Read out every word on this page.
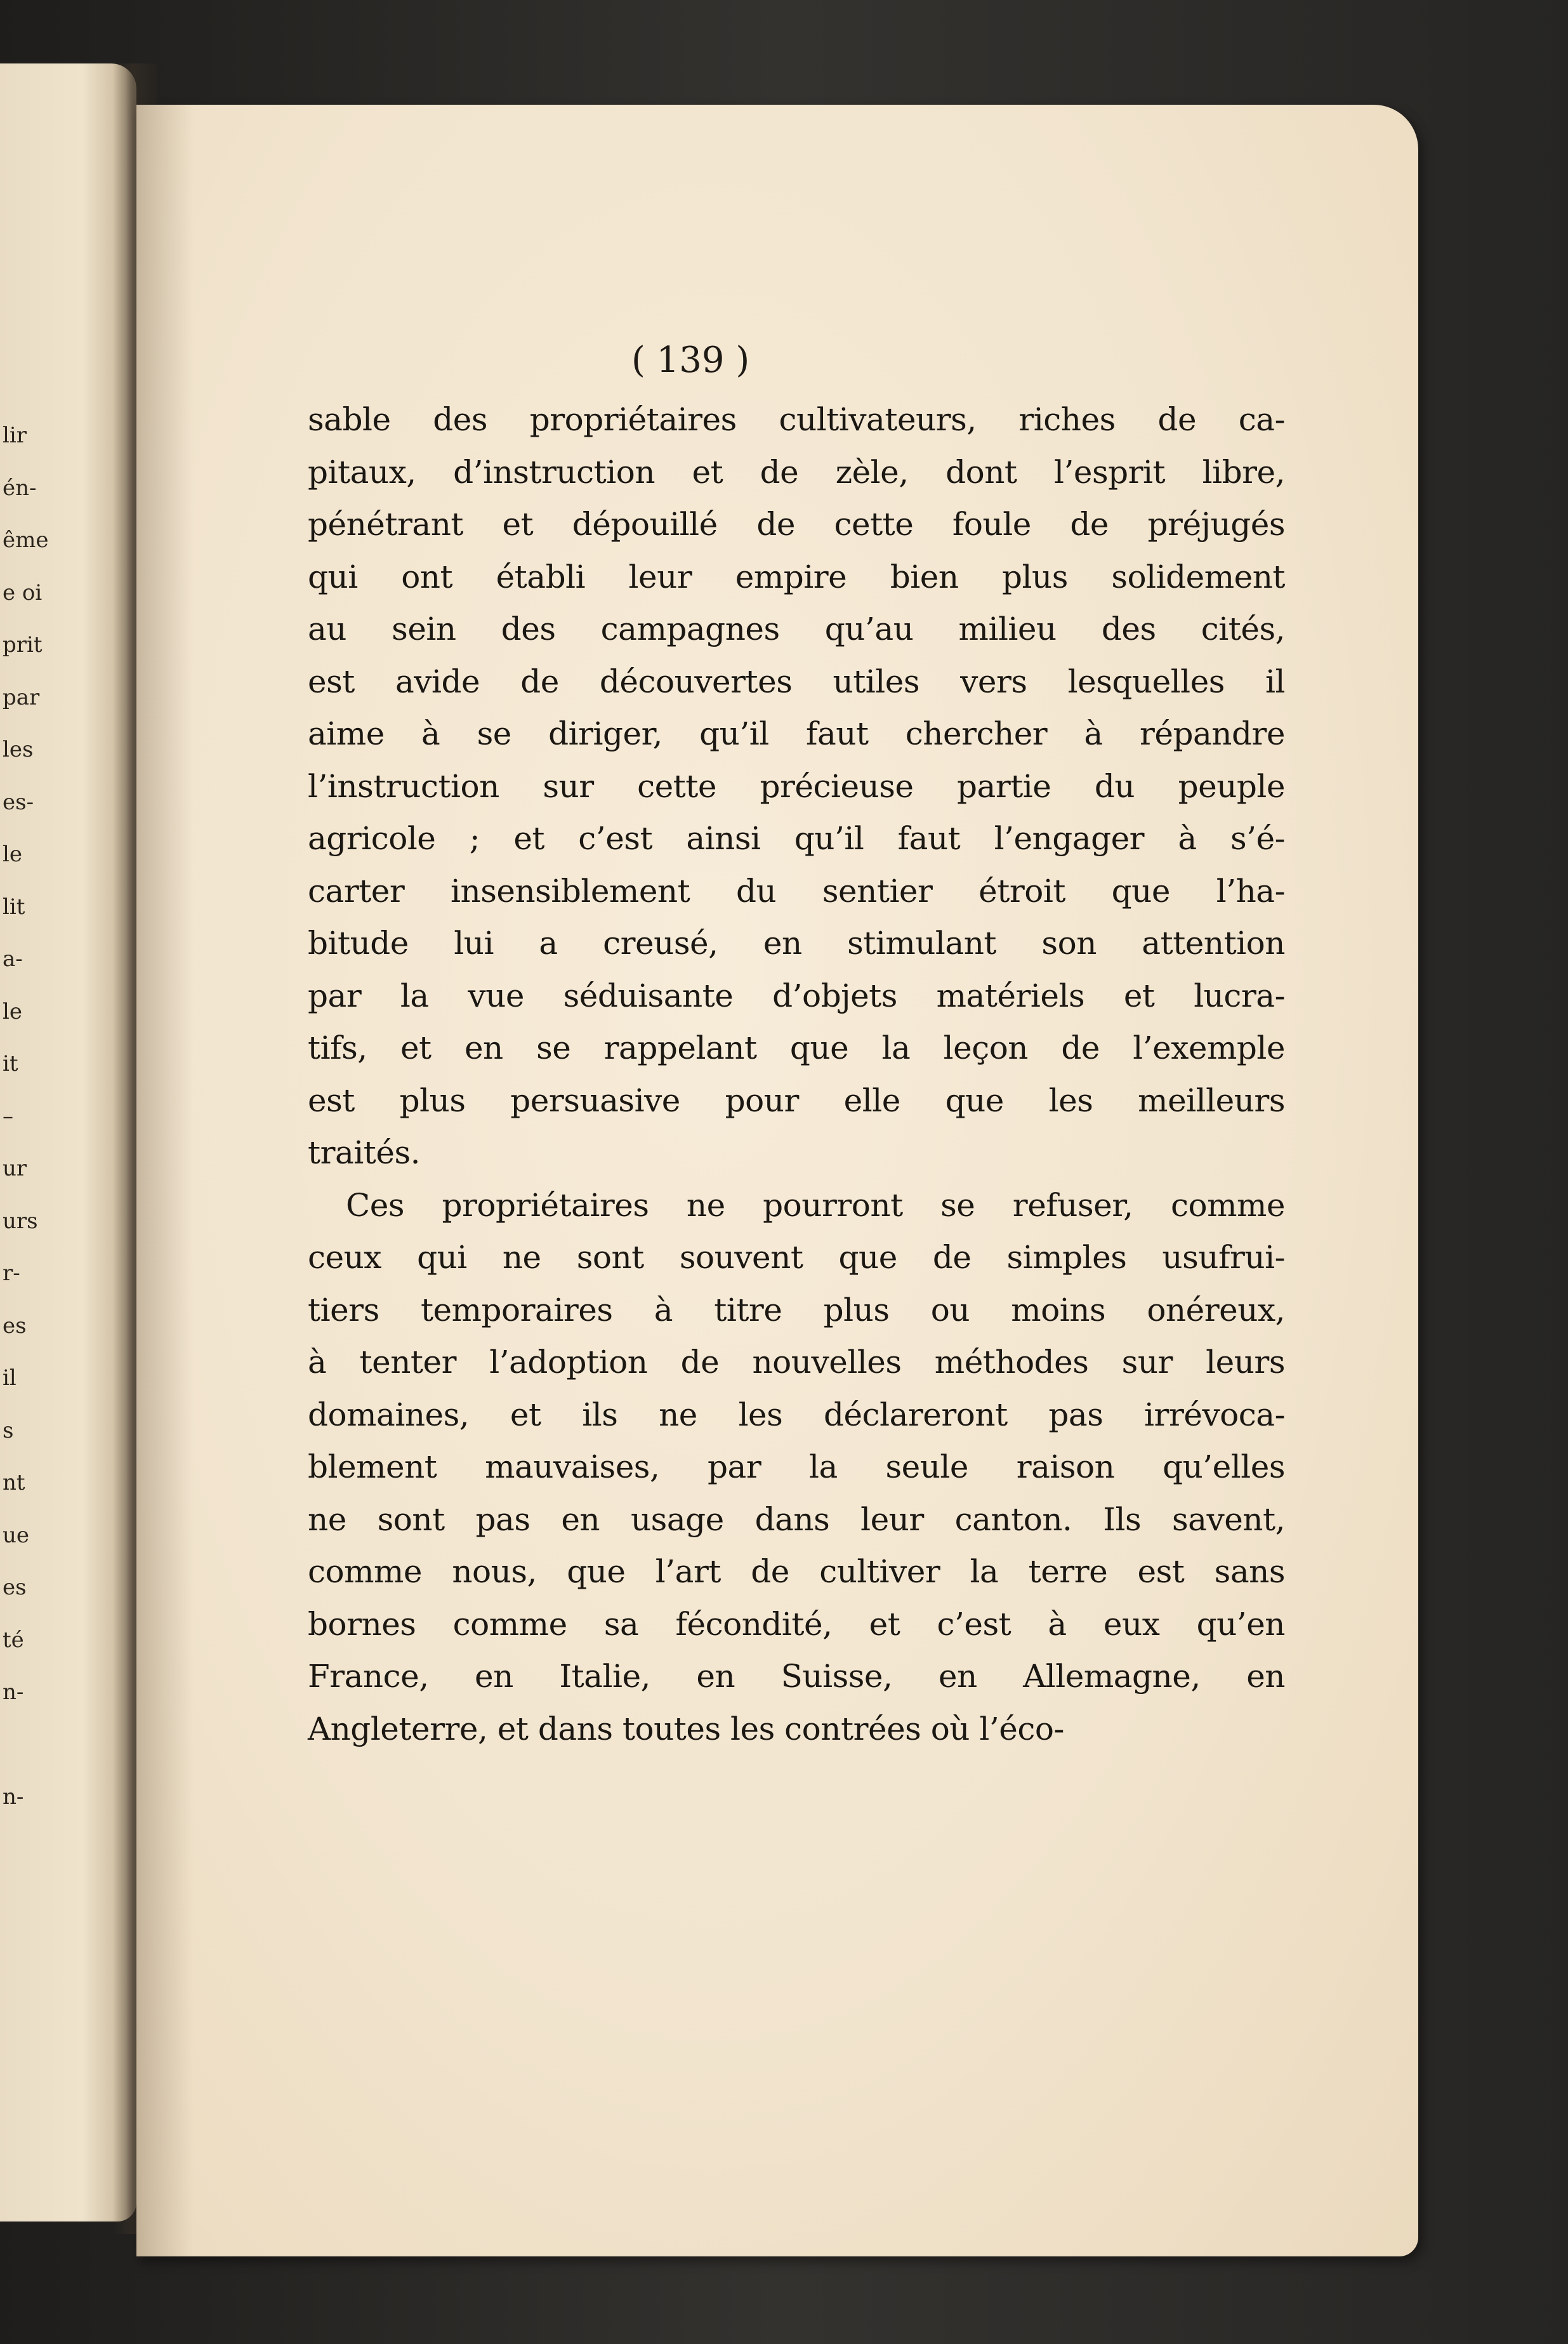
lir
én-
ême
e oi
prit
par
les
es-
le
lit
a-
le
it
–
ur
urs
r-
es
il
s
nt
ue
es
té
n-
n-

( 139 )

sable des propriétaires cultivateurs, riches de ca-
pitaux, d’instruction et de zèle, dont l’esprit libre,
pénétrant et dépouillé de cette foule de préjugés
qui ont établi leur empire bien plus solidement
au sein des campagnes qu’au milieu des cités,
est avide de découvertes utiles vers lesquelles il
aime à se diriger, qu’il faut chercher à répandre
l’instruction sur cette précieuse partie du peuple
agricole ; et c’est ainsi qu’il faut l’engager à s’é-
carter insensiblement du sentier étroit que l’ha-
bitude lui a creusé, en stimulant son attention
par la vue séduisante d’objets matériels et lucra-
tifs, et en se rappelant que la leçon de l’exemple
est plus persuasive pour elle que les meilleurs
traités.
Ces propriétaires ne pourront se refuser, comme
ceux qui ne sont souvent que de simples usufrui-
tiers temporaires à titre plus ou moins onéreux,
à tenter l’adoption de nouvelles méthodes sur leurs
domaines, et ils ne les déclareront pas irrévoca-
blement mauvaises, par la seule raison qu’elles
ne sont pas en usage dans leur canton. Ils savent,
comme nous, que l’art de cultiver la terre est sans
bornes comme sa fécondité, et c’est à eux qu’en
France, en Italie, en Suisse, en Allemagne, en
Angleterre, et dans toutes les contrées où l’éco-
